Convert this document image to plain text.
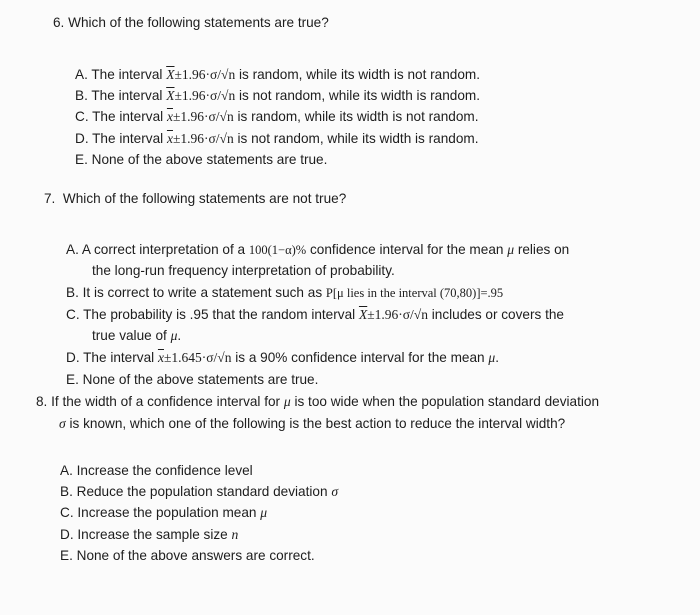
6. Which of the following statements are true?
A. The interval $\overline{X}\pm 1.96\cdot\sigma/√n$ is random, while its width is not random.
B. The interval $\overline{X}\pm 1.96\cdot\sigma/√n$ is not random, while its width is random.
C. The interval $\overline{x}\pm 1.96\cdot\sigma/√n$ is random, while its width is not random.
D. The interval $\overline{x}\pm 1.96\cdot\sigma/√n$ is not random, while its width is random.
E. None of the above statements are true.
7. Which of the following statements are not true?
A. A correct interpretation of a 100(1−α)% confidence interval for the mean μ relies on
the long-run frequency interpretation of probability.
B. It is correct to write a statement such as P[μ lies in the interval (70,80)]=.95
C. The probability is .95 that the random interval $\overline{X}\pm 1.96\cdot\sigma/√n$ includes or covers the
true value of μ.
D. The interval $\overline{x}\pm 1.645\cdot\sigma/√n$ is a 90% confidence interval for the mean μ.
E. None of the above statements are true.
8. If the width of a confidence interval for μ is too wide when the population standard deviation
σ is known, which one of the following is the best action to reduce the interval width?
A. Increase the confidence level
B. Reduce the population standard deviation σ
C. Increase the population mean μ
D. Increase the sample size n
E. None of the above answers are correct.
